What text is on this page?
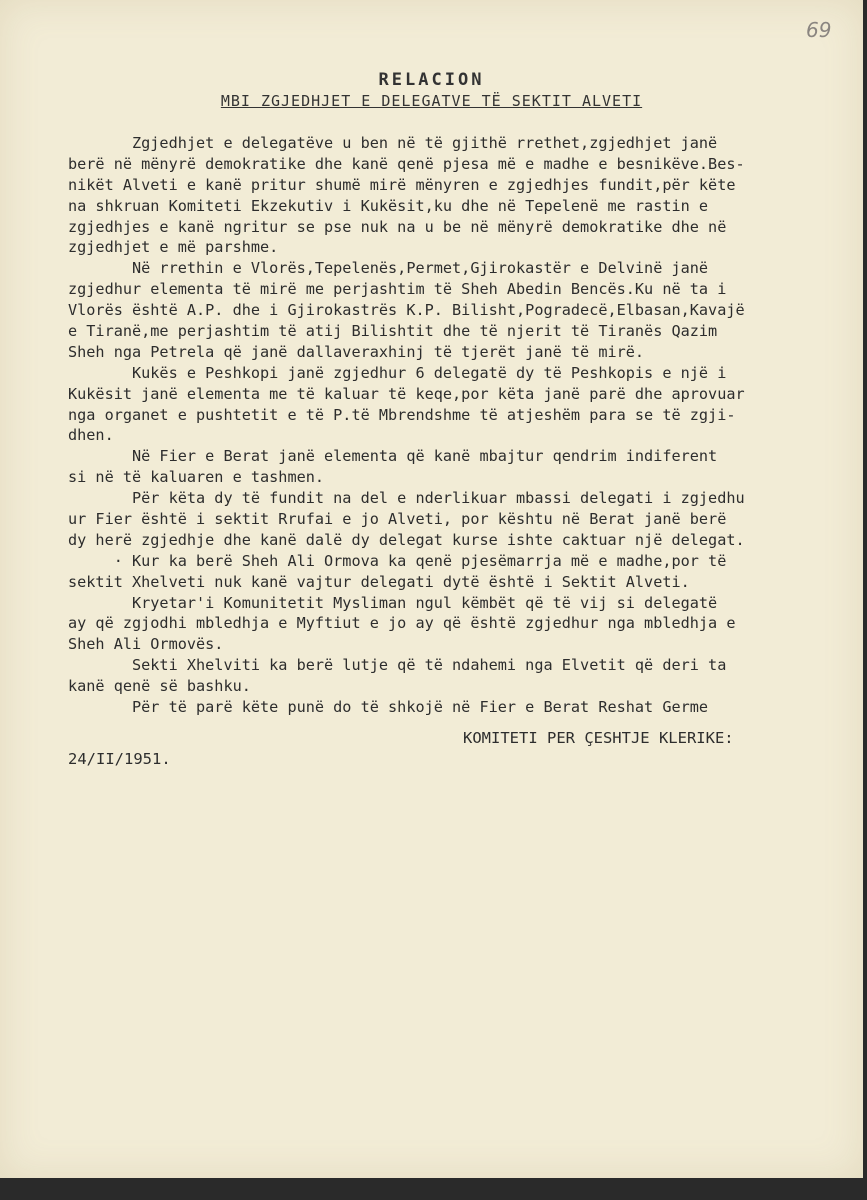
69
RELACION
MBI ZGJEDHJET E DELEGATVE TË SEKTIT ALVETI
Zgjedhjet e delegatëve u ben në të gjithë rrethet,zgjedhjet janë
berë në mënyrë demokratike dhe kanë qenë pjesa më e madhe e besnikëve.Bes-
nikët Alveti e kanë pritur shumë mirë mënyren e zgjedhjes fundit,për këte
na shkruan Komiteti Ekzekutiv i Kukësit,ku dhe në Tepelenë me rastin e
zgjedhjes e kanë ngritur se pse nuk na u be në mënyrë demokratike dhe në
zgjedhjet e më parshme.
Në rrethin e Vlorës,Tepelenës,Permet,Gjirokastër e Delvinë janë
zgjedhur elementa të mirë me perjashtim të Sheh Abedin Bencës.Ku në ta i
Vlorës është A.P. dhe i Gjirokastrës K.P. Bilisht,Pogradecë,Elbasan,Kavajë
e Tiranë,me perjashtim të atij Bilishtit dhe të njerit të Tiranës Qazim
Sheh nga Petrela që janë dallaveraxhinj të tjerët janë të mirë.
Kukës e Peshkopi janë zgjedhur 6 delegatë dy të Peshkopis e një i
Kukësit janë elementa me të kaluar të keqe,por këta janë parë dhe aprovuar
nga organet e pushtetit e të P.të Mbrendshme të atjeshëm para se të zgji-
dhen.
Në Fier e Berat janë elementa që kanë mbajtur qendrim indiferent
si në të kaluaren e tashmen.
Për këta dy të fundit na del e nderlikuar mbassi delegati i zgjedhu
ur Fier është i sektit Rrufai e jo Alveti, por kështu në Berat janë berë
dy herë zgjedhje dhe kanë dalë dy delegat kurse ishte caktuar një delegat.
· Kur ka berë Sheh Ali Ormova ka qenë pjesëmarrja më e madhe,por të
sektit Xhelveti nuk kanë vajtur delegati dytë është i Sektit Alveti.
Kryetar'i Komunitetit Mysliman ngul këmbët që të vij si delegatë
ay që zgjodhi mbledhja e Myftiut e jo ay që është zgjedhur nga mbledhja e
Sheh Ali Ormovës.
Sekti Xhelviti ka berë lutje që të ndahemi nga Elvetit që deri ta
kanë qenë së bashku.
Për të parë këte punë do të shkojë në Fier e Berat Reshat Germe
KOMITETI PER ÇESHTJE KLERIKE:
24/II/1951.
